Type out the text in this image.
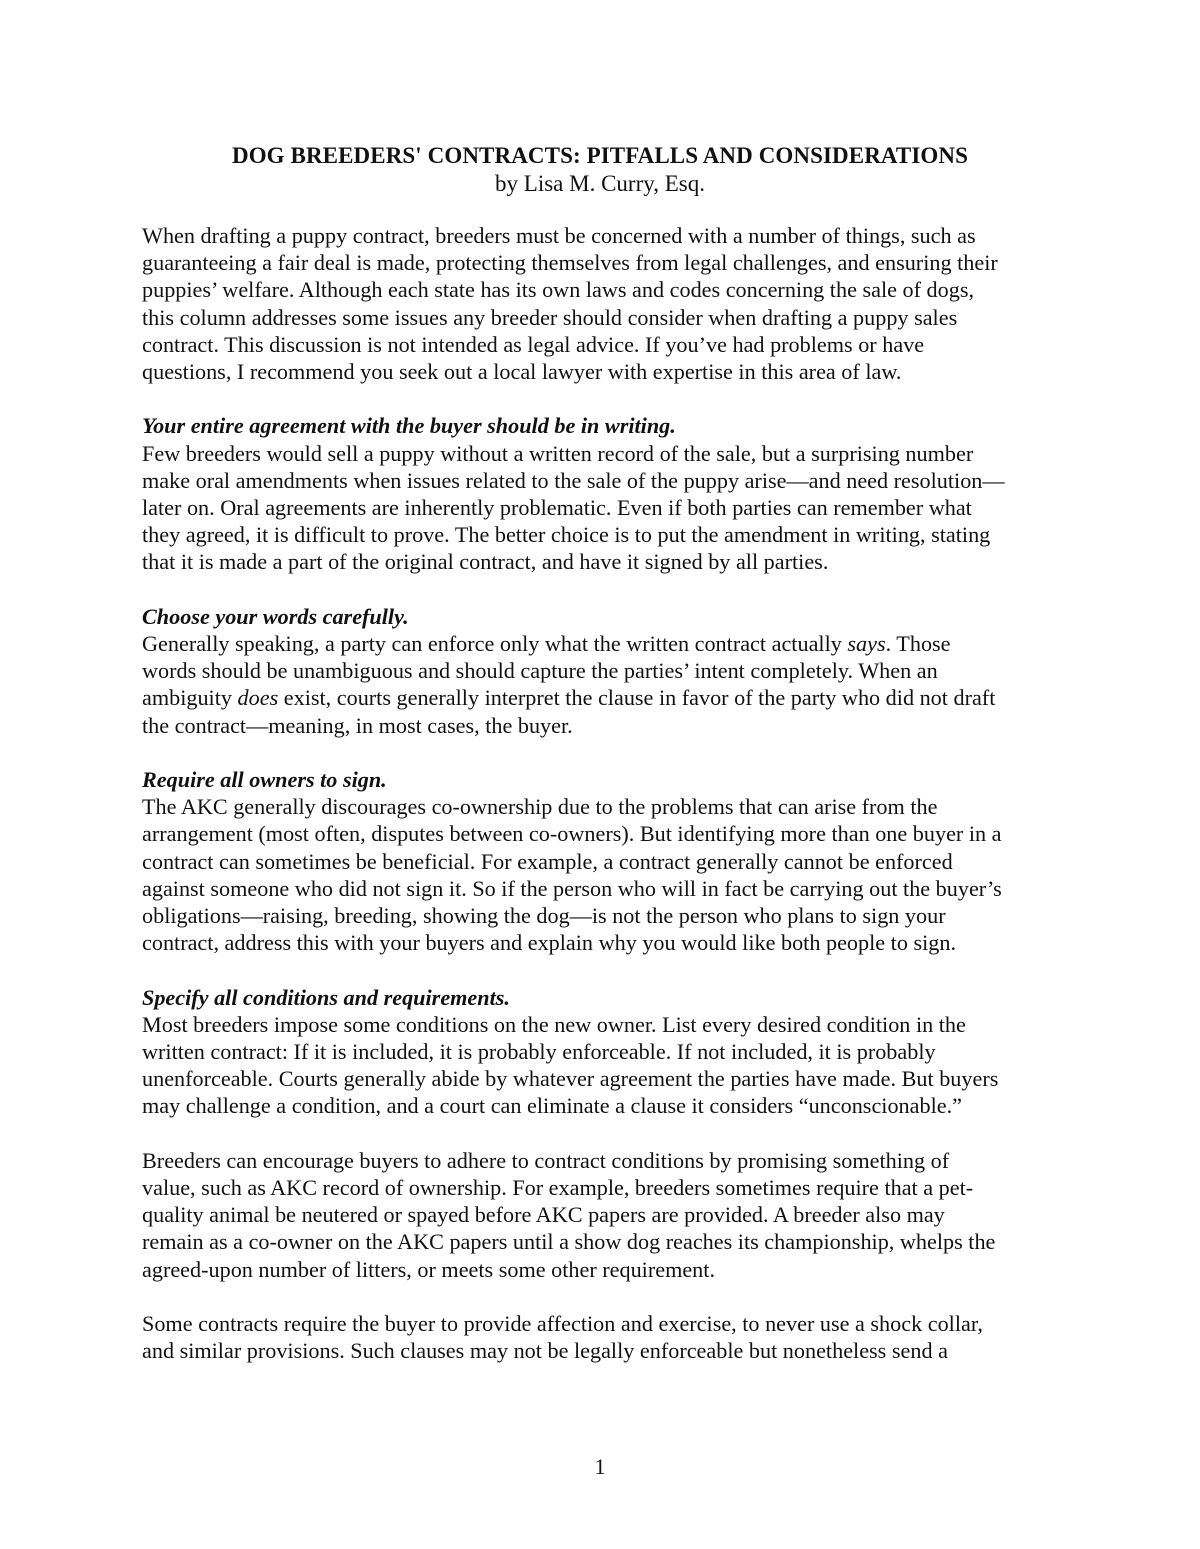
DOG BREEDERS' CONTRACTS: PITFALLS AND CONSIDERATIONS

by Lisa M. Curry, Esq.

When drafting a puppy contract, breeders must be concerned with a number of things, such as
guaranteeing a fair deal is made, protecting themselves from legal challenges, and ensuring their
puppies’ welfare. Although each state has its own laws and codes concerning the sale of dogs,
this column addresses some issues any breeder should consider when drafting a puppy sales
contract. This discussion is not intended as legal advice. If you’ve had problems or have
questions, I recommend you seek out a local lawyer with expertise in this area of law.

Your entire agreement with the buyer should be in writing.
Few breeders would sell a puppy without a written record of the sale, but a surprising number
make oral amendments when issues related to the sale of the puppy arise—and need resolution—
later on. Oral agreements are inherently problematic. Even if both parties can remember what
they agreed, it is difficult to prove. The better choice is to put the amendment in writing, stating
that it is made a part of the original contract, and have it signed by all parties.

Choose your words carefully.
Generally speaking, a party can enforce only what the written contract actually says. Those
words should be unambiguous and should capture the parties’ intent completely. When an
ambiguity does exist, courts generally interpret the clause in favor of the party who did not draft
the contract—meaning, in most cases, the buyer.

Require all owners to sign.
The AKC generally discourages co-ownership due to the problems that can arise from the
arrangement (most often, disputes between co-owners). But identifying more than one buyer in a
contract can sometimes be beneficial. For example, a contract generally cannot be enforced
against someone who did not sign it. So if the person who will in fact be carrying out the buyer’s
obligations—raising, breeding, showing the dog—is not the person who plans to sign your
contract, address this with your buyers and explain why you would like both people to sign.

Specify all conditions and requirements.
Most breeders impose some conditions on the new owner. List every desired condition in the
written contract: If it is included, it is probably enforceable. If not included, it is probably
unenforceable. Courts generally abide by whatever agreement the parties have made. But buyers
may challenge a condition, and a court can eliminate a clause it considers “unconscionable.”

Breeders can encourage buyers to adhere to contract conditions by promising something of
value, such as AKC record of ownership. For example, breeders sometimes require that a pet-
quality animal be neutered or spayed before AKC papers are provided. A breeder also may
remain as a co-owner on the AKC papers until a show dog reaches its championship, whelps the
agreed-upon number of litters, or meets some other requirement.

Some contracts require the buyer to provide affection and exercise, to never use a shock collar,
and similar provisions. Such clauses may not be legally enforceable but nonetheless send a

1
